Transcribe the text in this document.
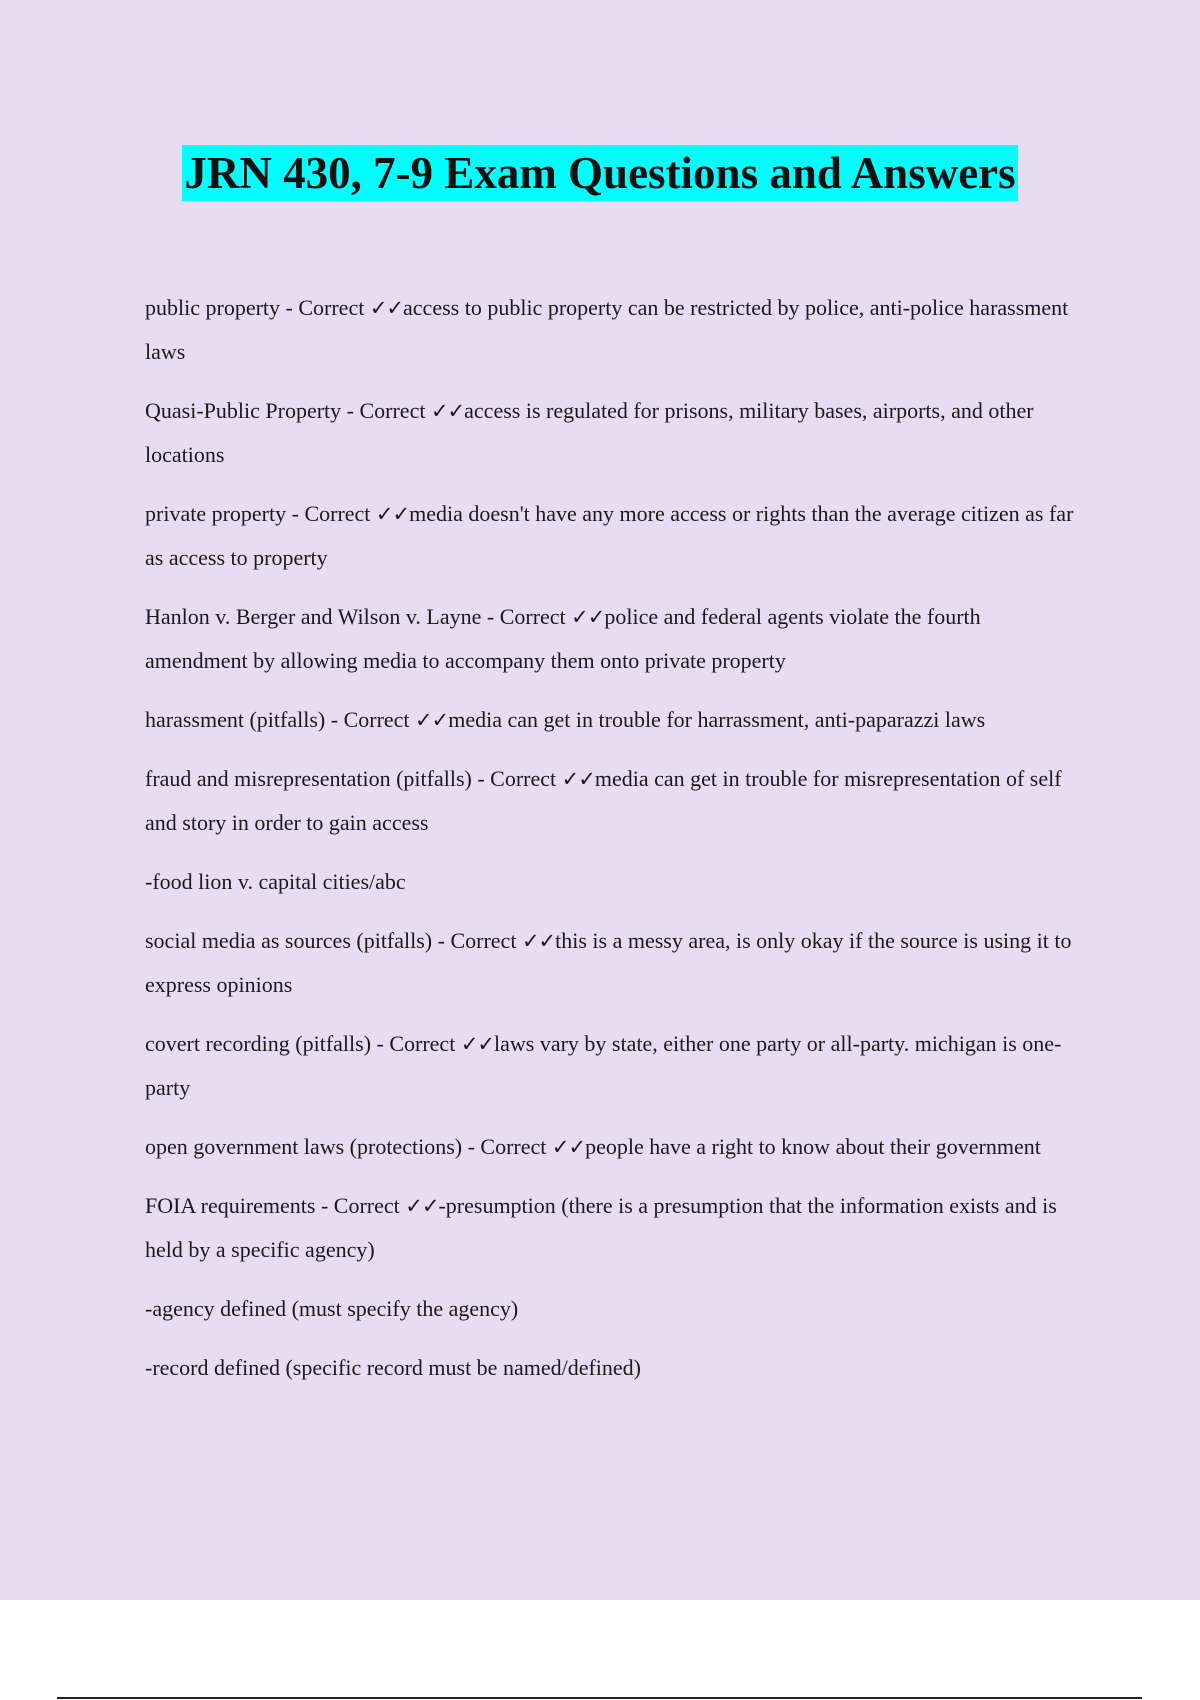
JRN 430, 7-9 Exam Questions and Answers

public property - Correct ✓✓access to public property can be restricted by police, anti-police harassment laws

Quasi-Public Property - Correct ✓✓access is regulated for prisons, military bases, airports, and other locations

private property - Correct ✓✓media doesn't have any more access or rights than the average citizen as far as access to property

Hanlon v. Berger and Wilson v. Layne - Correct ✓✓police and federal agents violate the fourth amendment by allowing media to accompany them onto private property

harassment (pitfalls) - Correct ✓✓media can get in trouble for harrassment, anti-paparazzi laws

fraud and misrepresentation (pitfalls) - Correct ✓✓media can get in trouble for misrepresentation of self and story in order to gain access

-food lion v. capital cities/abc

social media as sources (pitfalls) - Correct ✓✓this is a messy area, is only okay if the source is using it to express opinions

covert recording (pitfalls) - Correct ✓✓laws vary by state, either one party or all-party. michigan is one-party

open government laws (protections) - Correct ✓✓people have a right to know about their government

FOIA requirements - Correct ✓✓-presumption (there is a presumption that the information exists and is held by a specific agency)

-agency defined (must specify the agency)

-record defined (specific record must be named/defined)
